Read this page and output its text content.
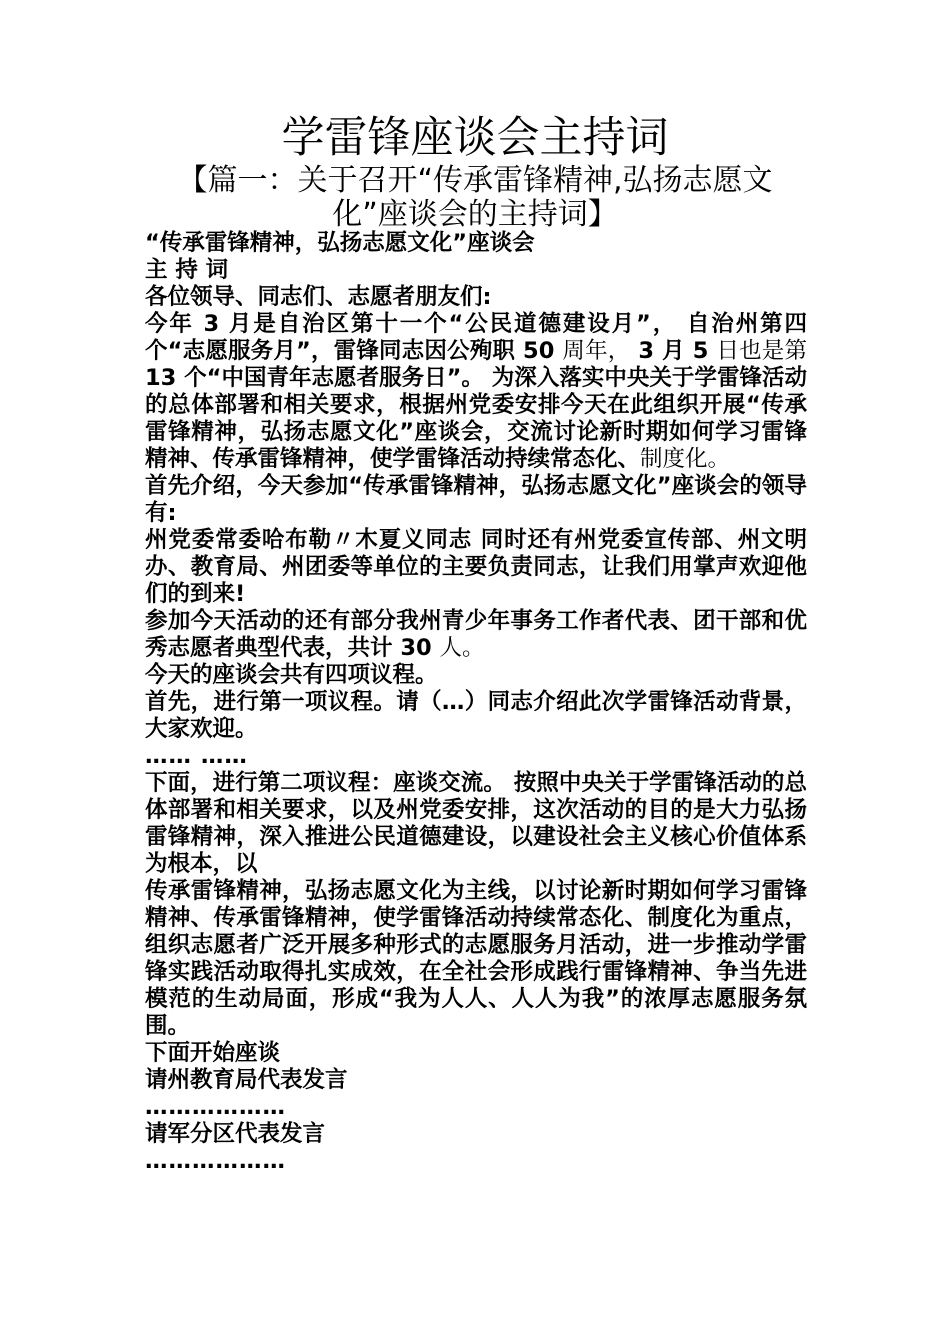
学雷锋座谈会主持词
【篇一：关于召开“传承雷锋精神,弘扬志愿文化”座谈会的主持词】

“传承雷锋精神，弘扬志愿文化”座谈会

主 持 词

各位领导、同志们、志愿者朋友们:

今年 3 月是自治区第十一个“公民道德建设月”， 自治州第四个“志愿服务月”，雷锋同志因公殉职 50 周年， 3 月 5 日也是第13 个“中国青年志愿者服务日”。 为深入落实中央关于学雷锋活动的总体部署和相关要求，根据州党委安排今天在此组织开展“传承雷锋精神，弘扬志愿文化”座谈会，交流讨论新时期如何学习雷锋精神、传承雷锋精神，使学雷锋活动持续常态化、制度化。

首先介绍，今天参加“传承雷锋精神，弘扬志愿文化”座谈会的领导有:

州党委常委哈布勒〃木夏义同志 同时还有州党委宣传部、州文明办、教育局、州团委等单位的主要负责同志，让我们用掌声欢迎他们的到来!

参加今天活动的还有部分我州青少年事务工作者代表、团干部和优秀志愿者典型代表，共计 30 人。

今天的座谈会共有四项议程。

首先，进行第一项议程。请（…）同志介绍此次学雷锋活动背景，大家欢迎。

…… ……

下面，进行第二项议程：座谈交流。 按照中央关于学雷锋活动的总体部署和相关要求，以及州党委安排，这次活动的目的是大力弘扬雷锋精神，深入推进公民道德建设，以建设社会主义核心价值体系为根本，以

传承雷锋精神，弘扬志愿文化为主线，以讨论新时期如何学习雷锋精神、传承雷锋精神，使学雷锋活动持续常态化、制度化为重点，组织志愿者广泛开展多种形式的志愿服务月活动，进一步推动学雷锋实践活动取得扎实成效，在全社会形成践行雷锋精神、争当先进模范的生动局面，形成“我为人人、人人为我”的浓厚志愿服务氛围。

下面开始座谈

请州教育局代表发言

………………

请军分区代表发言

………………
